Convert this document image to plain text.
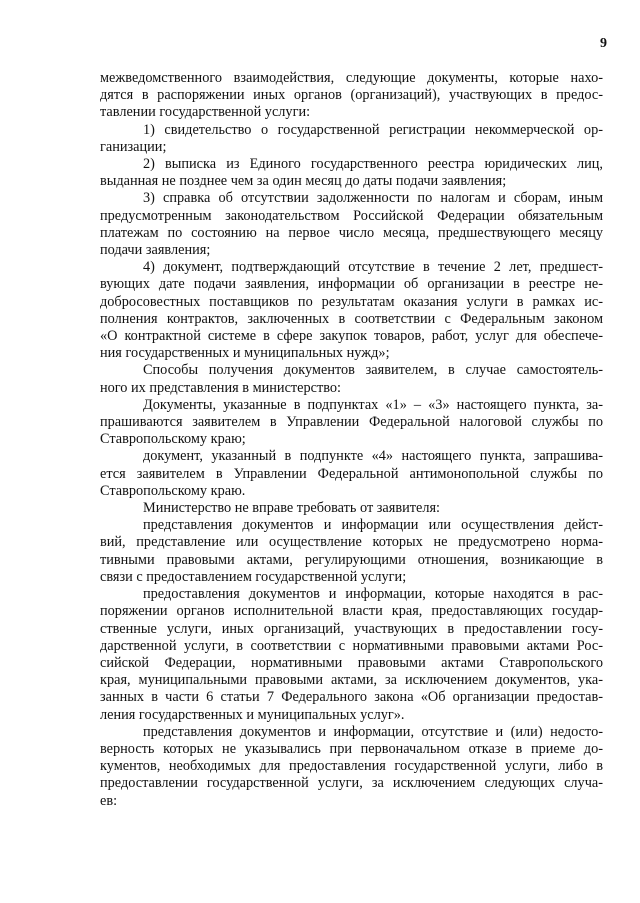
9
межведомственного взаимодействия, следующие документы, которые нахо-
дятся в распоряжении иных органов (организаций), участвующих в предос-
тавлении государственной услуги:
1) свидетельство о государственной регистрации некоммерческой ор-
ганизации;
2) выписка из Единого государственного реестра юридических лиц,
выданная не позднее чем за один месяц до даты подачи заявления;
3) справка об отсутствии задолженности по налогам и сборам, иным
предусмотренным законодательством Российской Федерации обязательным
платежам по состоянию на первое число месяца, предшествующего месяцу
подачи заявления;
4) документ, подтверждающий отсутствие в течение 2 лет, предшест-
вующих дате подачи заявления, информации об организации в реестре не-
добросовестных поставщиков по результатам оказания услуги в рамках ис-
полнения контрактов, заключенных в соответствии с Федеральным законом
«О контрактной системе в сфере закупок товаров, работ, услуг для обеспече-
ния государственных и муниципальных нужд»;
Способы получения документов заявителем, в случае самостоятель-
ного их представления в министерство:
Документы, указанные в подпунктах «1» – «3» настоящего пункта, за-
прашиваются заявителем в Управлении Федеральной налоговой службы по
Ставропольскому краю;
документ, указанный в подпункте «4» настоящего пункта, запрашива-
ется заявителем в Управлении Федеральной антимонопольной службы по
Ставропольскому краю.
Министерство не вправе требовать от заявителя:
представления документов и информации или осуществления дейст-
вий, представление или осуществление которых не предусмотрено норма-
тивными правовыми актами, регулирующими отношения, возникающие в
связи с предоставлением государственной услуги;
предоставления документов и информации, которые находятся в рас-
поряжении органов исполнительной власти края, предоставляющих государ-
ственные услуги, иных организаций, участвующих в предоставлении госу-
дарственной услуги, в соответствии с нормативными правовыми актами Рос-
сийской Федерации, нормативными правовыми актами Ставропольского
края, муниципальными правовыми актами, за исключением документов, ука-
занных в части 6 статьи 7 Федерального закона «Об организации предостав-
ления государственных и муниципальных услуг».
представления документов и информации, отсутствие и (или) недосто-
верность которых не указывались при первоначальном отказе в приеме до-
кументов, необходимых для предоставления государственной услуги, либо в
предоставлении государственной услуги, за исключением следующих случа-
ев:
